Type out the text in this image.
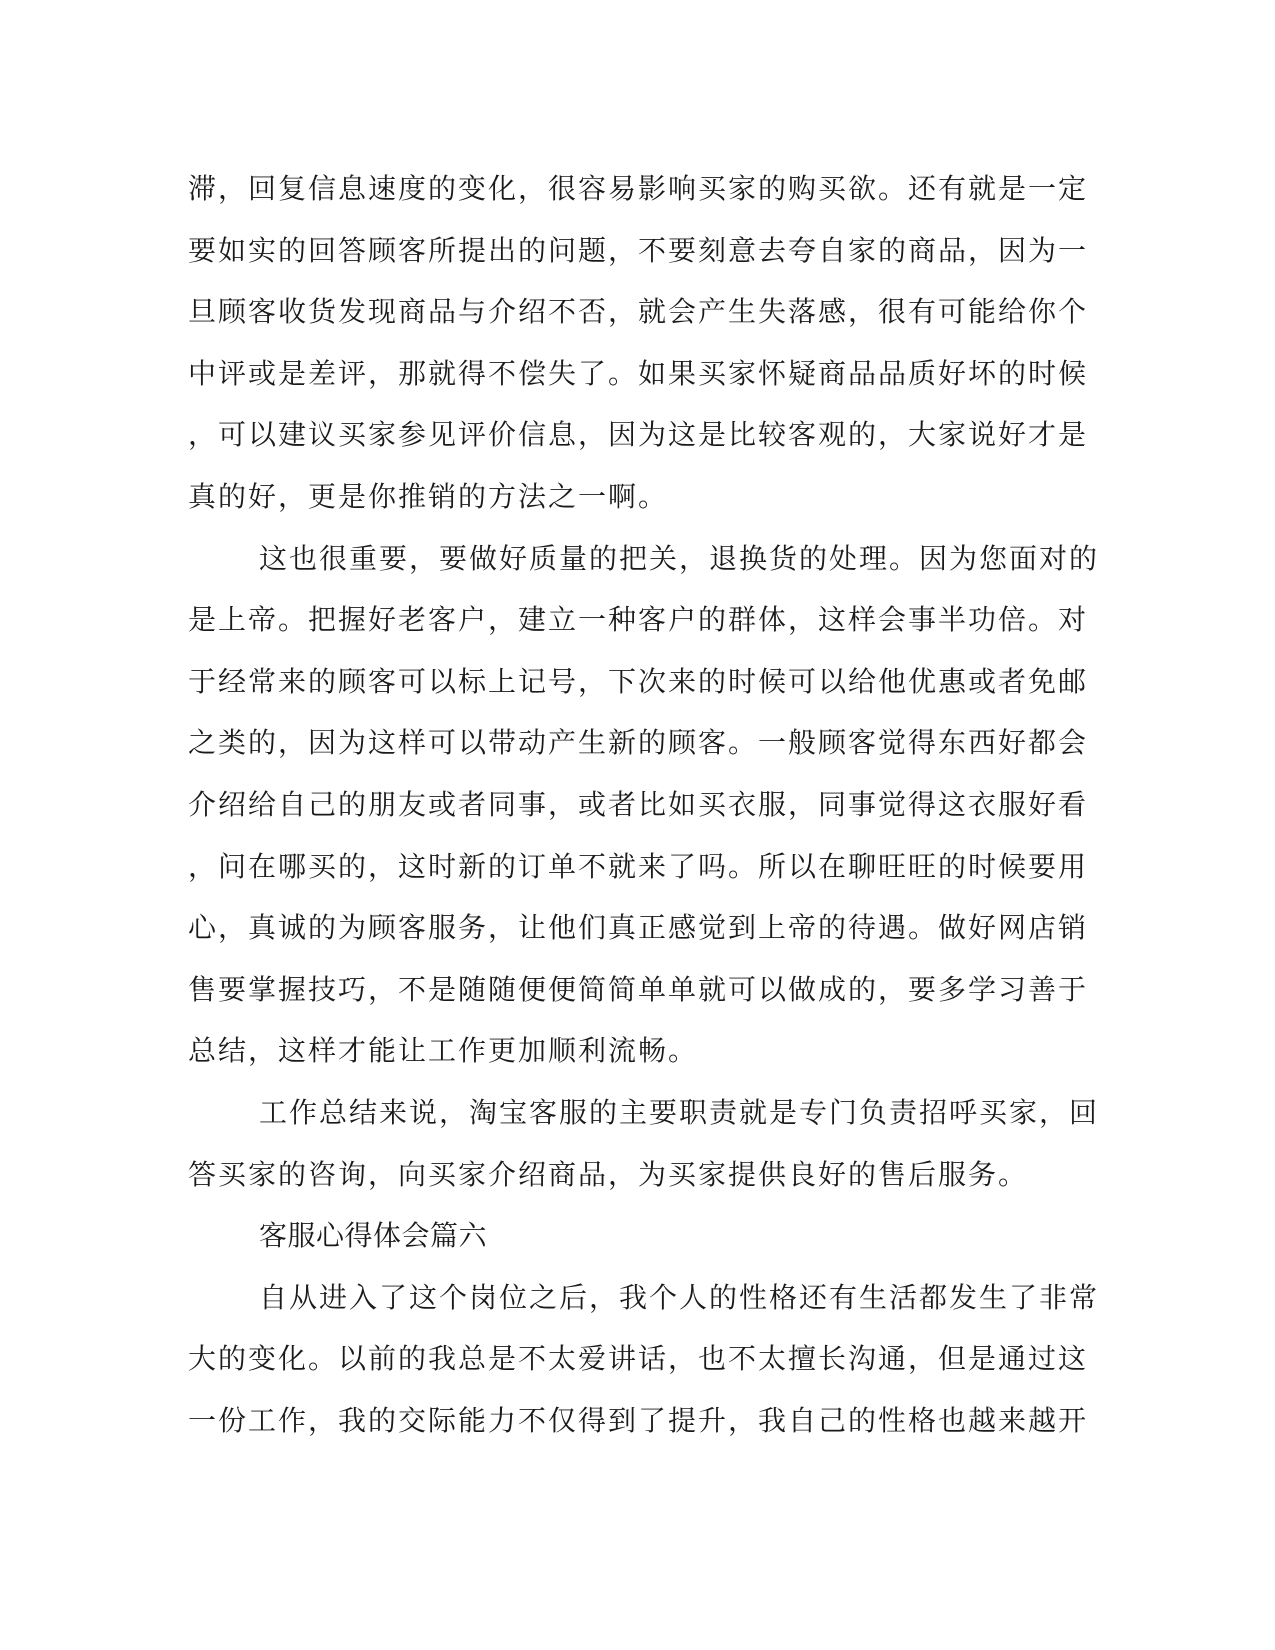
滞，回复信息速度的变化，很容易影响买家的购买欲。还有就是一定
要如实的回答顾客所提出的问题，不要刻意去夸自家的商品，因为一
旦顾客收货发现商品与介绍不否，就会产生失落感，很有可能给你个
中评或是差评，那就得不偿失了。如果买家怀疑商品品质好坏的时候
，可以建议买家参见评价信息，因为这是比较客观的，大家说好才是
真的好，更是你推销的方法之一啊。
这也很重要，要做好质量的把关，退换货的处理。因为您面对的
是上帝。把握好老客户，建立一种客户的群体，这样会事半功倍。对
于经常来的顾客可以标上记号，下次来的时候可以给他优惠或者免邮
之类的，因为这样可以带动产生新的顾客。一般顾客觉得东西好都会
介绍给自己的朋友或者同事，或者比如买衣服，同事觉得这衣服好看
，问在哪买的，这时新的订单不就来了吗。所以在聊旺旺的时候要用
心，真诚的为顾客服务，让他们真正感觉到上帝的待遇。做好网店销
售要掌握技巧，不是随随便便简简单单就可以做成的，要多学习善于
总结，这样才能让工作更加顺利流畅。
工作总结来说，淘宝客服的主要职责就是专门负责招呼买家，回
答买家的咨询，向买家介绍商品，为买家提供良好的售后服务。
客服心得体会篇六
自从进入了这个岗位之后，我个人的性格还有生活都发生了非常
大的变化。以前的我总是不太爱讲话，也不太擅长沟通，但是通过这
一份工作，我的交际能力不仅得到了提升，我自己的性格也越来越开
